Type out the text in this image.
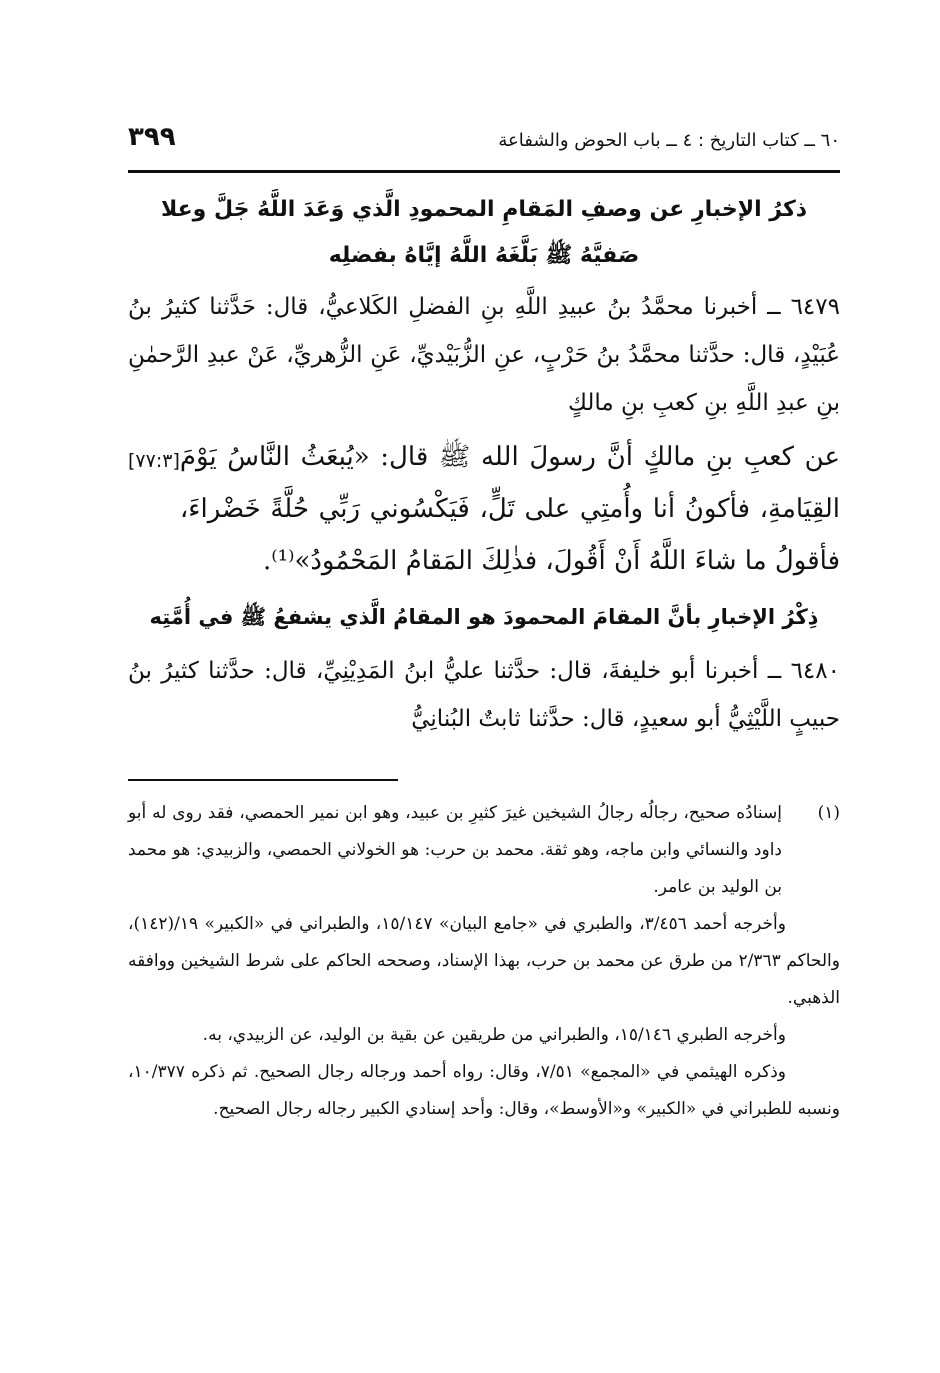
٦٠ ــ كتاب التاريخ : ٤ ــ باب الحوض والشفاعة
٣٩٩
ذكرُ الإخبارِ عن وصفِ المَقامِ المحمودِ الَّذي وَعَدَ اللَّهُ جَلَّ وعلا صَفيَّهُ ﷺ بَلَّغَهُ اللَّهُ إيَّاهُ بفضلِه

٦٤٧٩ ــ أخبرنا محمَّدُ بنُ عبيدِ اللَّهِ بنِ الفضلِ الكَلاعيُّ، قال: حَدَّثنا كثيرُ بنُ عُبَيْدٍ، قال: حدَّثنا محمَّدُ بنُ حَرْبٍ، عنِ الزُّبَيْديِّ، عَنِ الزُّهريِّ، عَنْ عبدِ الرَّحمٰنِ بنِ عبدِ اللَّهِ بنِ كعبِ بنِ مالكٍ

[٧٧:٣] عن كعبِ بنِ مالكٍ أنَّ رسولَ الله ﷺ قال: «يُبعَثُ النَّاسُ يَوْمَ القِيَامةِ، فأكونُ أنا وأُمتِي على تَلٍّ، فَيَكْسُوني رَبِّي حُلَّةً خَضْراءَ، فأقولُ ما شاءَ اللَّهُ أَنْ أَقُولَ، فذٰلِكَ المَقامُ المَحْمُودُ»⁽¹⁾.

ذِكْرُ الإخبارِ بأنَّ المقامَ المحمودَ هو المقامُ الَّذي يشفعُ ﷺ في أُمَّتِه

٦٤٨٠ ــ أخبرنا أبو خليفةَ، قال: حدَّثنا عليُّ ابنُ المَدِيْنِيِّ، قال: حدَّثنا كثيرُ بنُ حبيبٍ اللَّيْثِيُّ أبو سعيدٍ، قال: حدَّثنا ثابتٌ البُنانِيُّ

(١)
إسنادُه صحيح، رجالُه رجالُ الشيخين غيرَ كثيرِ بن عبيد، وهو ابن نمير الحمصي، فقد روى له أبو داود والنسائي وابن ماجه، وهو ثقة. محمد بن حرب: هو الخولاني الحمصي، والزبيدي: هو محمد بن الوليد بن عامر.

وأخرجه أحمد ٣/٤٥٦، والطبري في «جامع البيان» ١٥/١٤٧، والطبراني في «الكبير» ١٩/(١٤٢)، والحاكم ٢/٣٦٣ من طرق عن محمد بن حرب، بهذا الإسناد، وصححه الحاكم على شرط الشيخين ووافقه الذهبي.

وأخرجه الطبري ١٥/١٤٦، والطبراني من طريقين عن بقية بن الوليد، عن الزبيدي، به.

وذكره الهيثمي في «المجمع» ٧/٥١، وقال: رواه أحمد ورجاله رجال الصحيح. ثم ذكره ١٠/٣٧٧، ونسبه للطبراني في «الكبير» و«الأوسط»، وقال: وأحد إسنادي الكبير رجاله رجال الصحيح.
